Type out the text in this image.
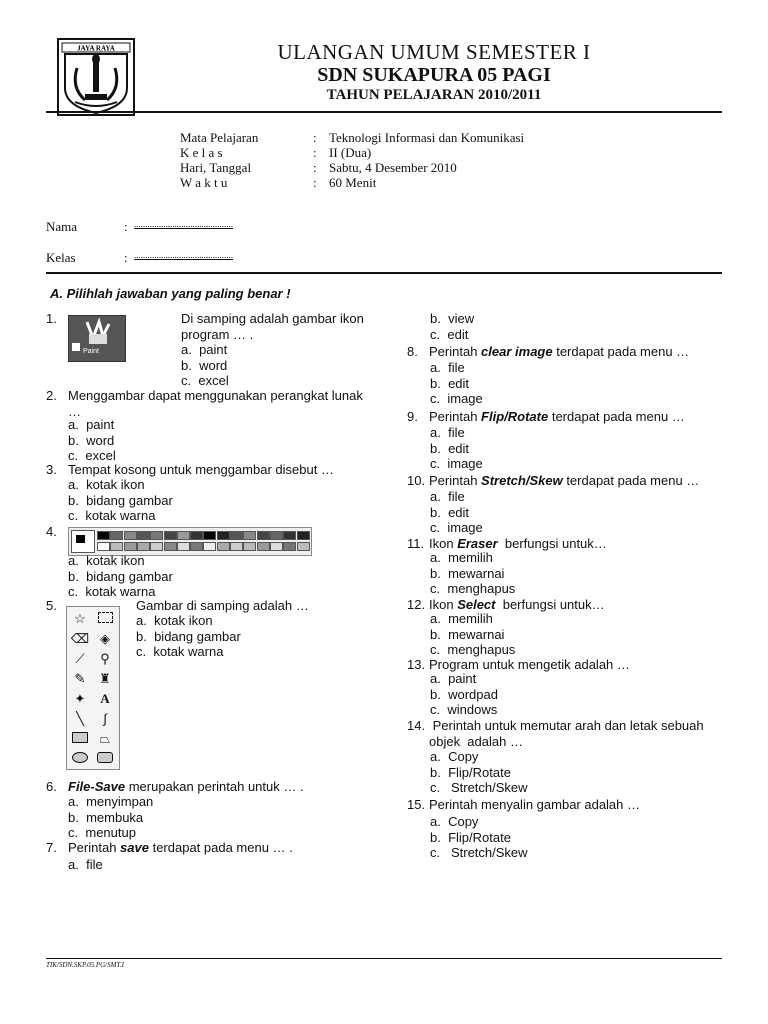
JAYA RAYA	ULANGAN UMUM SEMESTER I
SDN SUKAPURA 05 PAGI
TAHUN PELAJARAN 2010/2011
Mata Pelajaran	: Teknologi Informasi dan Komunikasi
K e l a s	: II (Dua)
Hari, Tanggal	: Sabtu, 4 Desember 2010
W a k t u	: 60 Menit
Nama	: ............................................
Kelas	: ............................................
A. Pilihlah jawaban yang paling benar !
1.
Paint
Di samping adalah gambar ikon program … .
a. paint
b. word
c. excel
2. Menggambar dapat menggunakan perangkat lunak …
a. paint
b. word
c. excel
3. Tempat kosong untuk menggambar disebut …
a. kotak ikon
b. bidang gambar
c. kotak warna
4.
a. kotak ikon
b. bidang gambar
c. kotak warna
5.
☆
⌫ ◈
⟋	⚲
✎	♜
✦	A
╲	∫
⏢
Gambar di samping adalah …
a. kotak ikon
b. bidang gambar
c. kotak warna
6. File-Save merupakan perintah untuk … .
a. menyimpan
b. membuka
c. menutup
7. Perintah save terdapat pada menu … .
a. file
b. view
c. edit
8. Perintah clear image terdapat pada menu …
a. file
b. edit
c. image
9. Perintah Flip/Rotate terdapat pada menu …
a. file
b. edit
c. image
10. Perintah Stretch/Skew terdapat pada menu …
a. file
b. edit
c. image
11. Ikon Eraser  berfungsi untuk…
a. memilih
b. mewarnai
c. menghapus
12. Ikon Select  berfungsi untuk…
a. memilih
b. mewarnai
c. menghapus
13. Program untuk mengetik adalah …
a. paint
b. wordpad
c. windows
14. Perintah untuk memutar arah dan letak sebuah objek  adalah …
a. Copy
b. Flip/Rotate
c. Stretch/Skew
15. Perintah menyalin gambar adalah …
a. Copy
b. Flip/Rotate
c. Stretch/Skew
TIK/SDN.SKP.05.PG/SMT.I
